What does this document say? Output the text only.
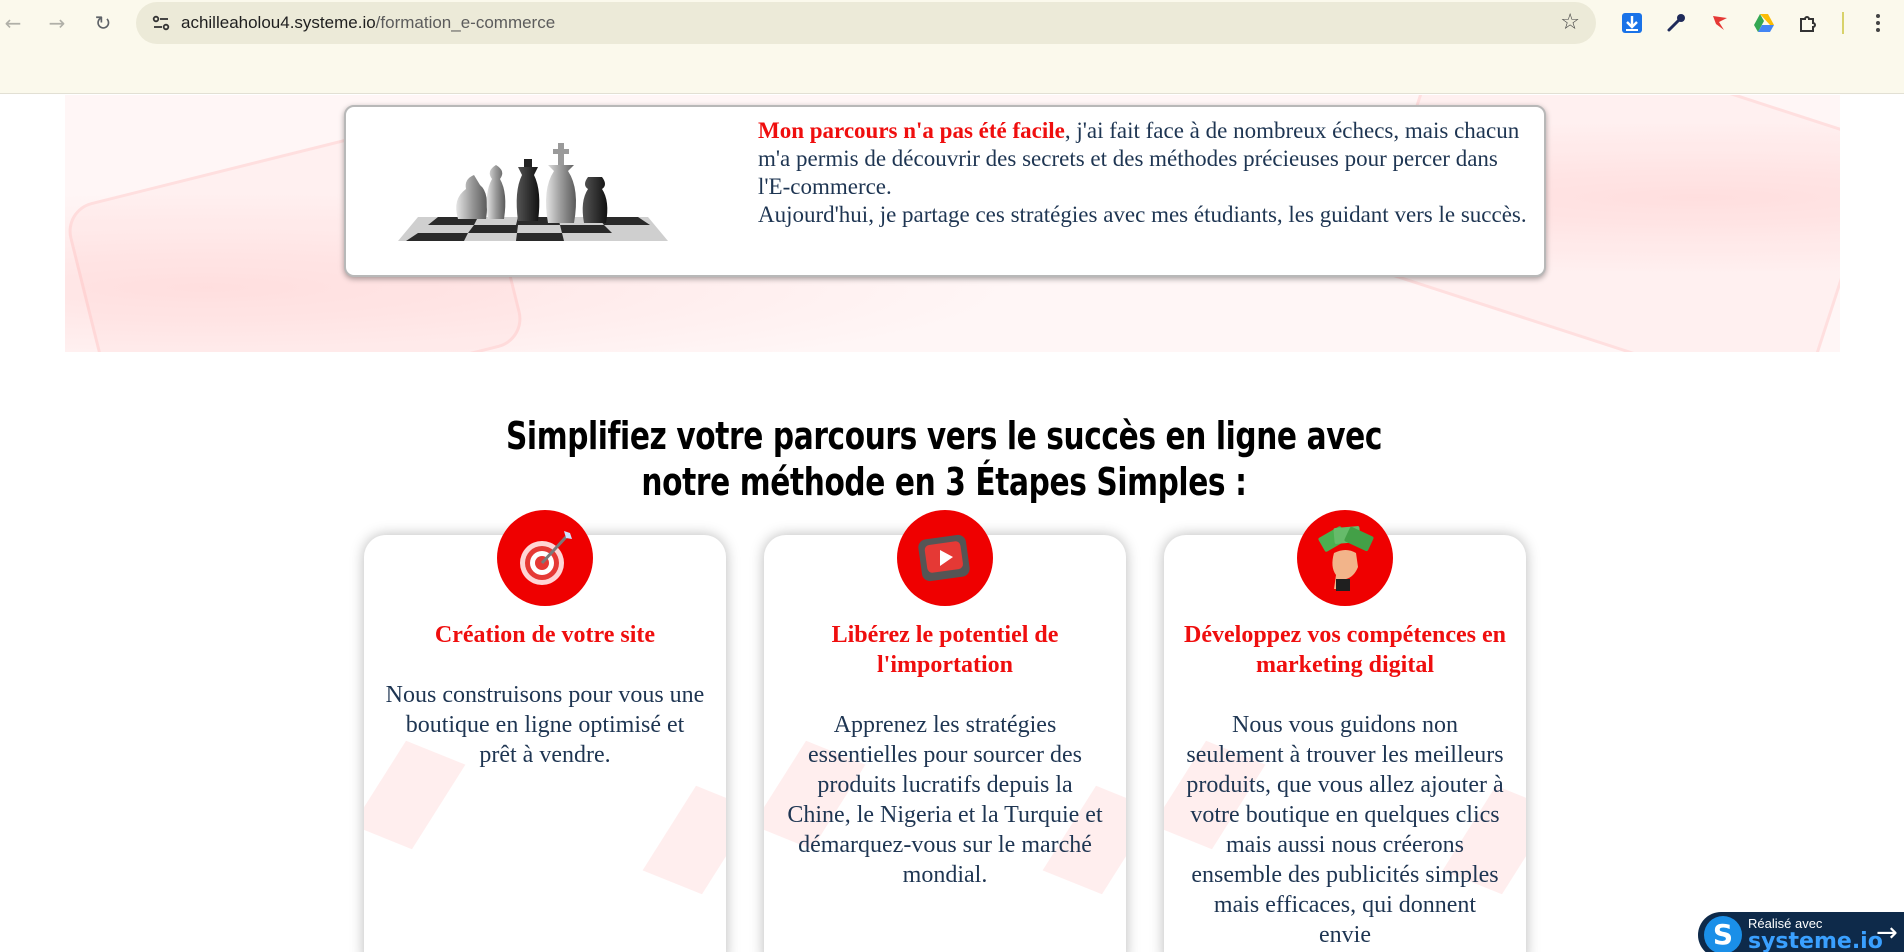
←	→	↻	achilleaholou4.systeme.io/formation_e-commerce	☆

Mon parcours n'a pas été facile, j'ai fait face à de nombreux échecs, mais chacun m'a permis de découvrir des secrets et des méthodes précieuses pour percer dans l'E-commerce.

Aujourd'hui, je partage ces stratégies avec mes étudiants, les guidant vers le succès.

Simplifiez votre parcours vers le succès en ligne avec
notre méthode en 3 Étapes Simples :
Création de votre site	Libérez le potentiel de l'importation
Développez vos compétences en marketing digital
Nous construisons pour vous une boutique en ligne optimisé et prêt à vendre.
Apprenez les stratégies essentielles pour sourcer des produits lucratifs depuis la Chine, le Nigeria et la Turquie et démarquez-vous sur le marché mondial.
Nous vous guidons non seulement à trouver les meilleurs produits, que vous allez ajouter à votre boutique en quelques clics mais aussi nous créerons ensemble des publicités simples mais efficaces, qui donnent envie	S	Réalisé avec
systeme.io
→
